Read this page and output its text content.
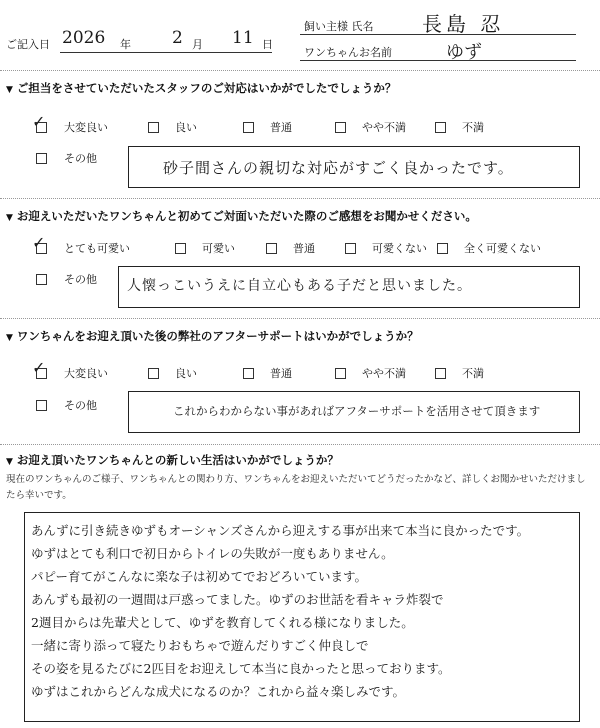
ご記入日 2026 年 2 月 11 日
飼い主様 氏名 長島 忍
ワンちゃんお名前	ゆず
▼ ご担当をさせていただいたスタッフのご対応はいかがでしたでしょうか？
✓ 大変良い	良い	普通	やや不満	不満
その他
砂子間さんの親切な対応がすごく良かったです。
▼ お迎えいただいたワンちゃんと初めてご対面いただいた際のご感想をお聞かせください。
✓ とても可愛い	可愛い	普通	可愛くない	全く可愛くない
その他 人懐っこいうえに自立心もある子だと思いました。
▼ ワンちゃんをお迎え頂いた後の弊社のアフターサポートはいかがでしょうか？
✓ 大変良い	良い	普通	やや不満	不満
その他	これからわからない事があればアフターサポートを活用させて頂きます
▼ お迎え頂いたワンちゃんとの新しい生活はいかがでしょうか？
現在のワンちゃんのご様子、ワンちゃんとの関わり方、ワンちゃんをお迎えいただいてどうだったかなど、詳しくお聞かせいただけましたら幸いです。
あんずに引き続きゆずもオーシャンズさんから迎えする事が出来て本当に良かったです。
ゆずはとても利口で初日からトイレの失敗が一度もありません。
パピー育てがこんなに楽な子は初めてでおどろいています。
あんずも最初の一週間は戸惑ってました。ゆずのお世話を看キャラ炸裂で
2週目からは先輩犬として、ゆずを教育してくれる様になりました。
一緒に寄り添って寝たりおもちゃで遊んだりすごく仲良しで
その姿を見るたびに2匹目をお迎えして本当に良かったと思っております。
ゆずはこれからどんな成犬になるのか？これから益々楽しみです。
